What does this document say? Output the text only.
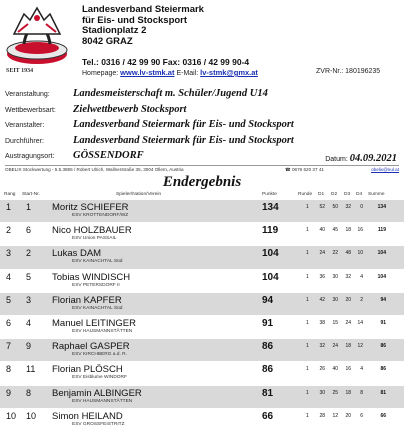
SEIT 1934
Landesverband Steiermark
für Eis- und Stocksport
Stadionplatz 2
8042 GRAZ
Tel.: 0316 / 42 99 90 Fax: 0316 / 42 99 90-4
Homepage: www.lv-stmk.at E-Mail: lv-stmk@gmx.at	ZVR-Nr.: 180196235
Veranstaltung:	Landesmeisterschaft m. Schüler/Jugend U14
Wettbewerbsart:	Zielwettbewerb Stocksport
Veranstalter:	Landesverband Steiermark für Eis- und Stocksport
Durchführer:	Landesverband Steiermark für Eis- und Stocksport
Austragungsort:	GÖSSENDORF	Datum: 04.09.2021
OBELIX Stockwertung - 5.5.3895 / Robert Ulrich, Wallnerstraße 35, 3004 Ollern, Austria	☎ 0676 620 37 41	obelix@nul.at
Endergebnis
Rang Start-Nr.	Spieler/Nation/Verein	Punkte	Runde D1 D2 D3 D4 Summe
1 1 Moritz SCHIEFER
ESV KROTTENDORF/WZ
134	1	52	50	32	0	134
2 6 Nico HOLZBAUER
ESV Union PASSAIL
119	1	40	45	18	16	119
3 2 Lukas DAM
ESV KAINACHTAL Süd
104	1	24	22	48	10	104
4 5 Tobias WINDISCH
ESV PETERSDORF II
104	1	36	30	32	4	104
5 3 Florian KAPFER
ESV KAINACHTAL Süd
94	1	42	30	20	2	94
6 4 Manuel LEITINGER
ESV HAUSMANNSTÄTTEN
91	1	38	15	24	14	91
7 9 Raphael GASPER
ESV KIRCHBERG a.d. R.
86	1	32	24	18	12	86
8 11 Florian PLÖSCH
ESV Eisblume WINDORF
86	1	26	40	16	4	86
9 8 Benjamin ALBINGER
ESV HAUSMANNSTÄTTEN
81	1	30	25	18	8	81
10 10 Simon HEILAND
ESV GROSSFEISTRITZ
66	1	28	12	20	6	66
